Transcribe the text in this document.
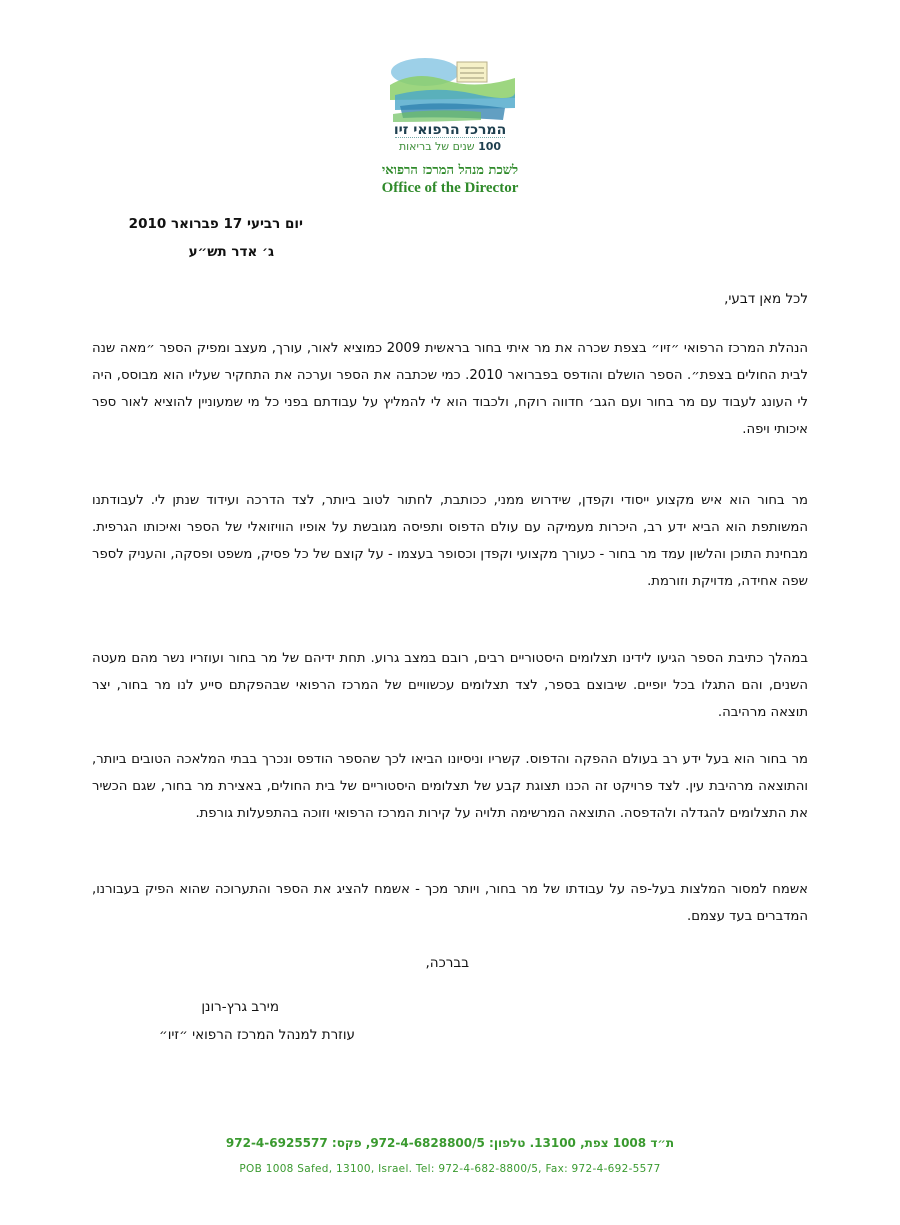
המרכז הרפואי זיו
100 שנים של בריאות
לשכת מנהל המרכז הרפואי
Office of the Director
יום רביעי 17 פברואר 2010
ג׳ אדר תש״ע
לכל מאן דבעי,
הנהלת המרכז הרפואי ״זיו״ בצפת שכרה את מר איתי בחור בראשית 2009 כמוציא לאור, עורך, מעצב ומפיק הספר ״מאה שנה לבית החולים בצפת״. הספר הושלם והודפס בפברואר 2010. כמי שכתבה את הספר וערכה את התחקיר שעליו הוא מבוסס, היה לי העונג לעבוד עם מר בחור ועם הגב׳ חדווה רוקח, ולכבוד הוא לי להמליץ על עבודתם בפני כל מי שמעוניין להוציא לאור ספר איכותי ויפה.
מר בחור הוא איש מקצוע ייסודי וקפדן, שידרוש ממני, ככותבת, לחתור לטוב ביותר, לצד הדרכה ועידוד שנתן לי. לעבודתנו המשותפת הוא הביא ידע רב, היכרות מעמיקה עם עולם הדפוס ותפיסה מגובשת על אופיו הוויזואלי של הספר ואיכותו הגרפית. מבחינת התוכן והלשון עמד מר בחור - כעורך מקצועי וקפדן וכסופר בעצמו - על קוצם של כל פסיק, משפט ופסקה, והעניק לספר שפה אחידה, מדויקת וזורמת.
במהלך כתיבת הספר הגיעו לידינו תצלומים היסטוריים רבים, רובם במצב גרוע. תחת ידיהם של מר בחור ועוזריו נשר מהם מעטה השנים, והם התגלו בכל יופיים. שיבוצם בספר, לצד תצלומים עכשוויים של המרכז הרפואי שבהפקתם סייע לנו מר בחור, יצר תוצאה מרהיבה.
מר בחור הוא בעל ידע רב בעולם ההפקה והדפוס. קשריו וניסיונו הביאו לכך שהספר הודפס ונכרך בבתי המלאכה הטובים ביותר, והתוצאה מרהיבת עין. לצד פרויקט זה הכנו תצוגת קבע של תצלומים היסטוריים של בית החולים, באצירת מר בחור, שגם הכשיר את התצלומים להגדלה ולהדפסה. התוצאה המרשימה תלויה על קירות המרכז הרפואי וזוכה בהתפעלות גורפת.
אשמח למסור המלצות בעל-פה על עבודתו של מר בחור, ויותר מכך - אשמח להציג את הספר והתערוכה שהוא הפיק בעבורנו, המדברים בעד עצמם.
בברכה,
מירב גרץ-רונן
עוזרת למנהל המרכז הרפואי ״זיו״
ת״ד 1008 צפת, 13100. טלפון: 972-4-6828800/5, פקס: 972-4-6925577
POB 1008 Safed, 13100, Israel. Tel: 972-4-682-8800/5, Fax: 972-4-692-5577
